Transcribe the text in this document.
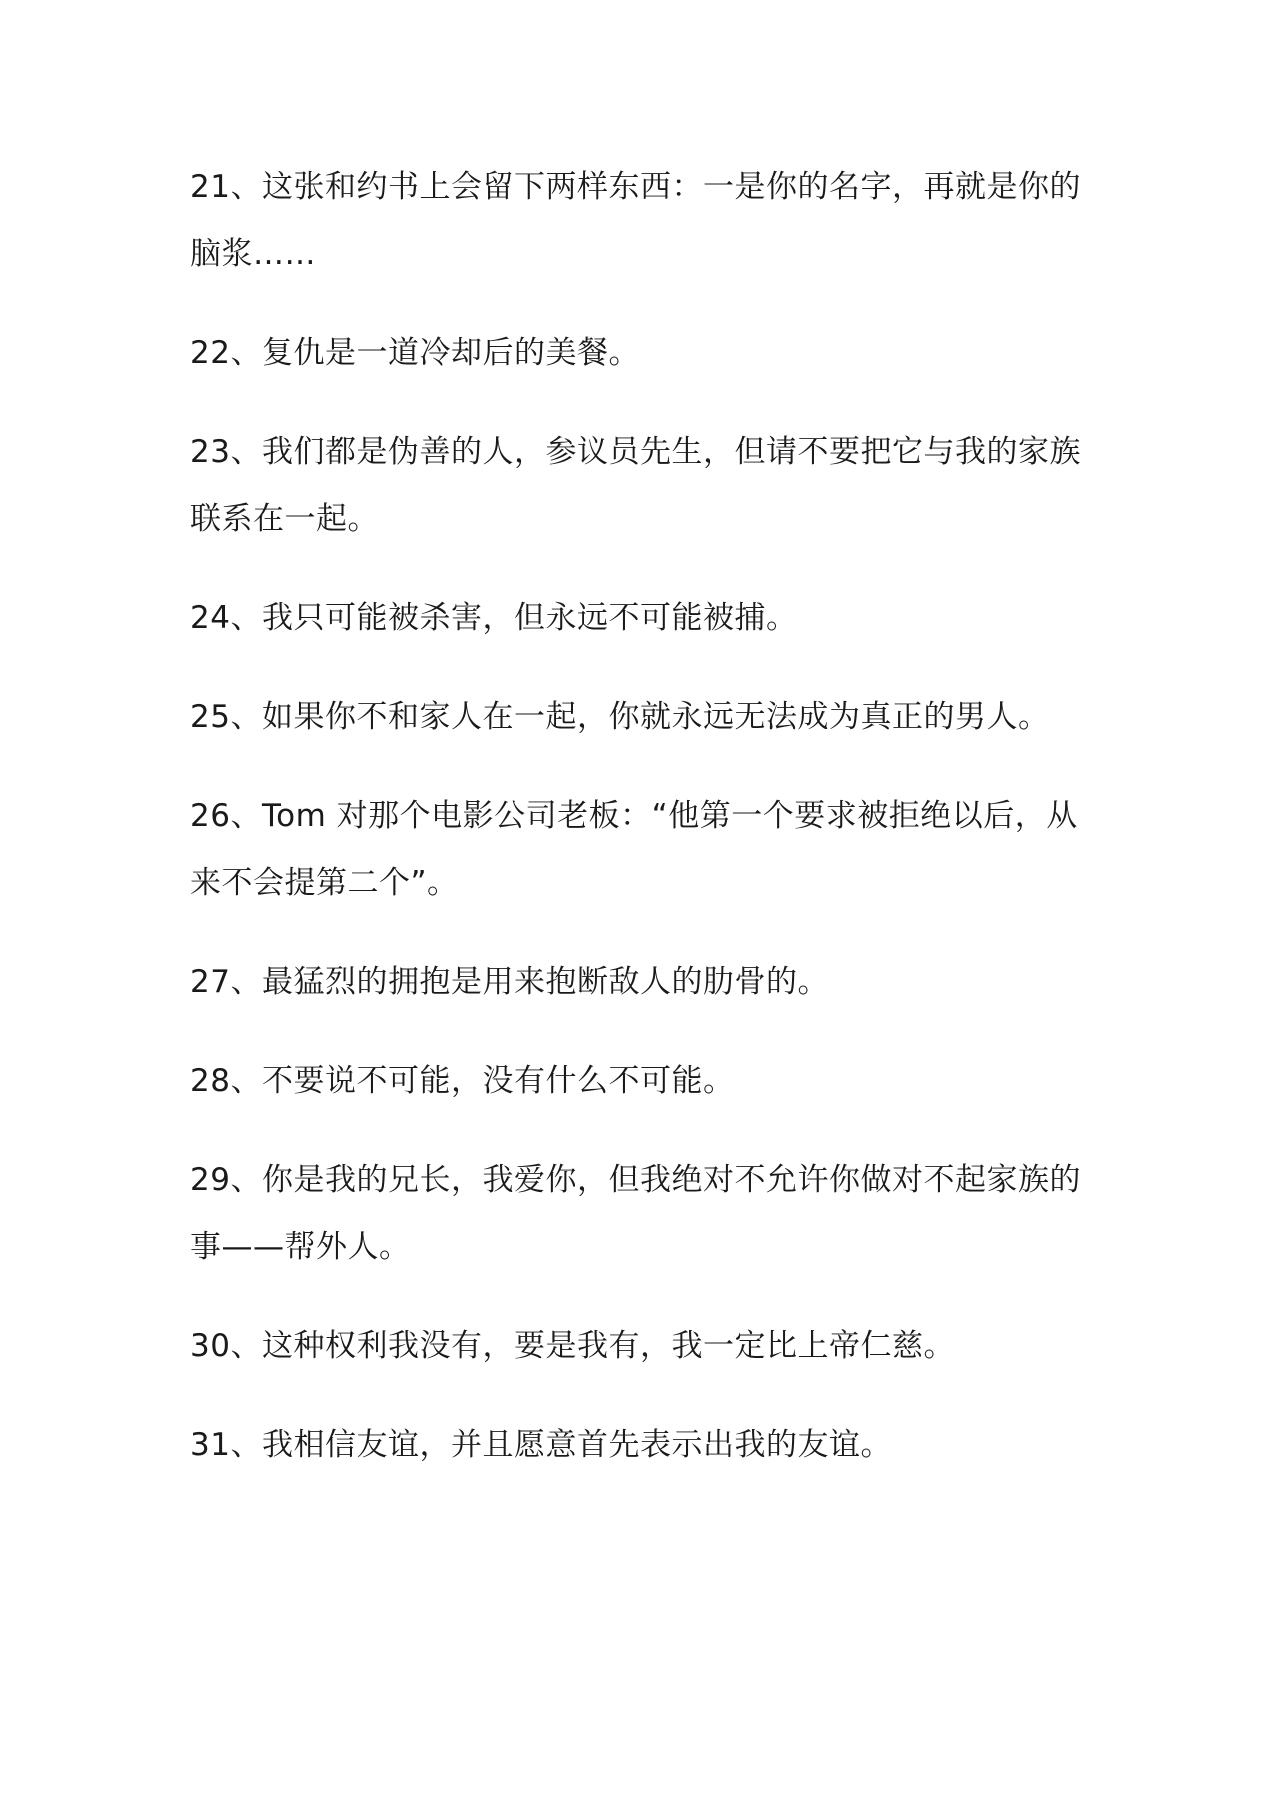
21、这张和约书上会留下两样东西：一是你的名字，再就是你的脑浆……

22、复仇是一道冷却后的美餐。

23、我们都是伪善的人，参议员先生，但请不要把它与我的家族联系在一起。

24、我只可能被杀害，但永远不可能被捕。

25、如果你不和家人在一起，你就永远无法成为真正的男人。

26、Tom 对那个电影公司老板：“他第一个要求被拒绝以后，从来不会提第二个”。

27、最猛烈的拥抱是用来抱断敌人的肋骨的。

28、不要说不可能，没有什么不可能。

29、你是我的兄长，我爱你，但我绝对不允许你做对不起家族的事——帮外人。

30、这种权利我没有，要是我有，我一定比上帝仁慈。

31、我相信友谊，并且愿意首先表示出我的友谊。
